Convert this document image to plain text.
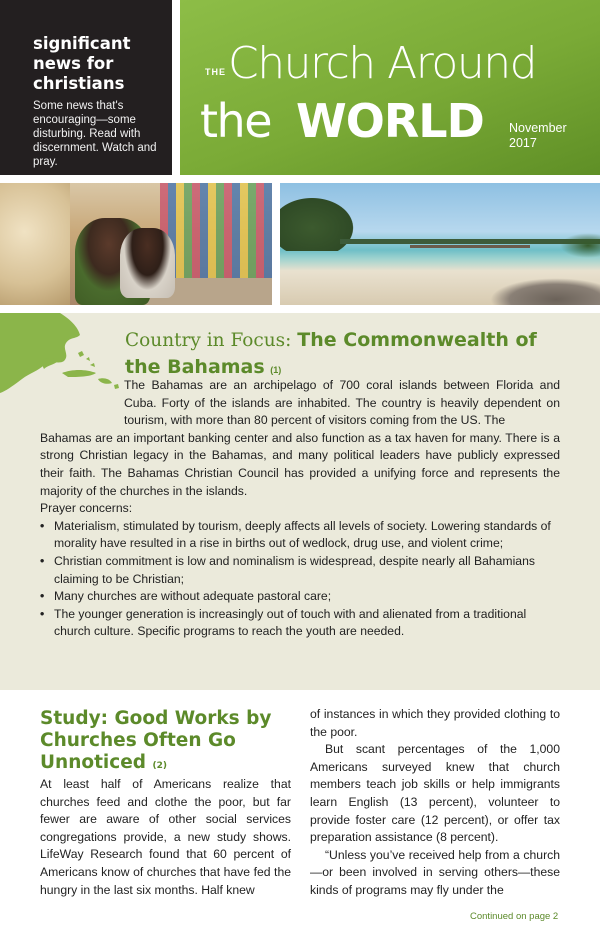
significant news for christians
Some news that's encouraging—some disturbing. Read with discernment. Watch and pray.
THE Church Around
the WORLD November 2017
Country in Focus: The Commonwealth of the Bahamas (1)
The Bahamas are an archipelago of 700 coral islands between Florida and Cuba. Forty of the islands are inhabited. The country is heavily dependent on tourism, with more than 80 percent of visitors coming from the US. The
Bahamas are an important banking center and also function as a tax haven for many. There is a strong Christian legacy in the Bahamas, and many political leaders have publicly expressed their faith. The Bahamas Christian Council has provided a unifying force and represents the majority of the churches in the islands.
Prayer concerns:
• Materialism, stimulated by tourism, deeply affects all levels of society. Lowering standards of morality have resulted in a rise in births out of wedlock, drug use, and violent crime;
• Christian commitment is low and nominalism is widespread, despite nearly all Bahamians claiming to be Christian;
• Many churches are without adequate pastoral care;
• The younger generation is increasingly out of touch with and alienated from a traditional church culture. Specific programs to reach the youth are needed.
Study: Good Works by Churches Often Go Unnoticed (2)

At least half of Americans realize that churches feed and clothe the poor, but far fewer are aware of other social services congregations provide, a new study shows. LifeWay Research found that 60 percent of Americans know of churches that have fed the hungry in the last six months. Half knew

of instances in which they provided clothing to the poor.

But scant percentages of the 1,000 Americans surveyed knew that church members teach job skills or help immigrants learn English (13 percent), volunteer to provide foster care (12 percent), or offer tax preparation assistance (8 percent).

“Unless you’ve received help from a church—or been involved in serving others—these kinds of programs may fly under the

Continued on page 2
